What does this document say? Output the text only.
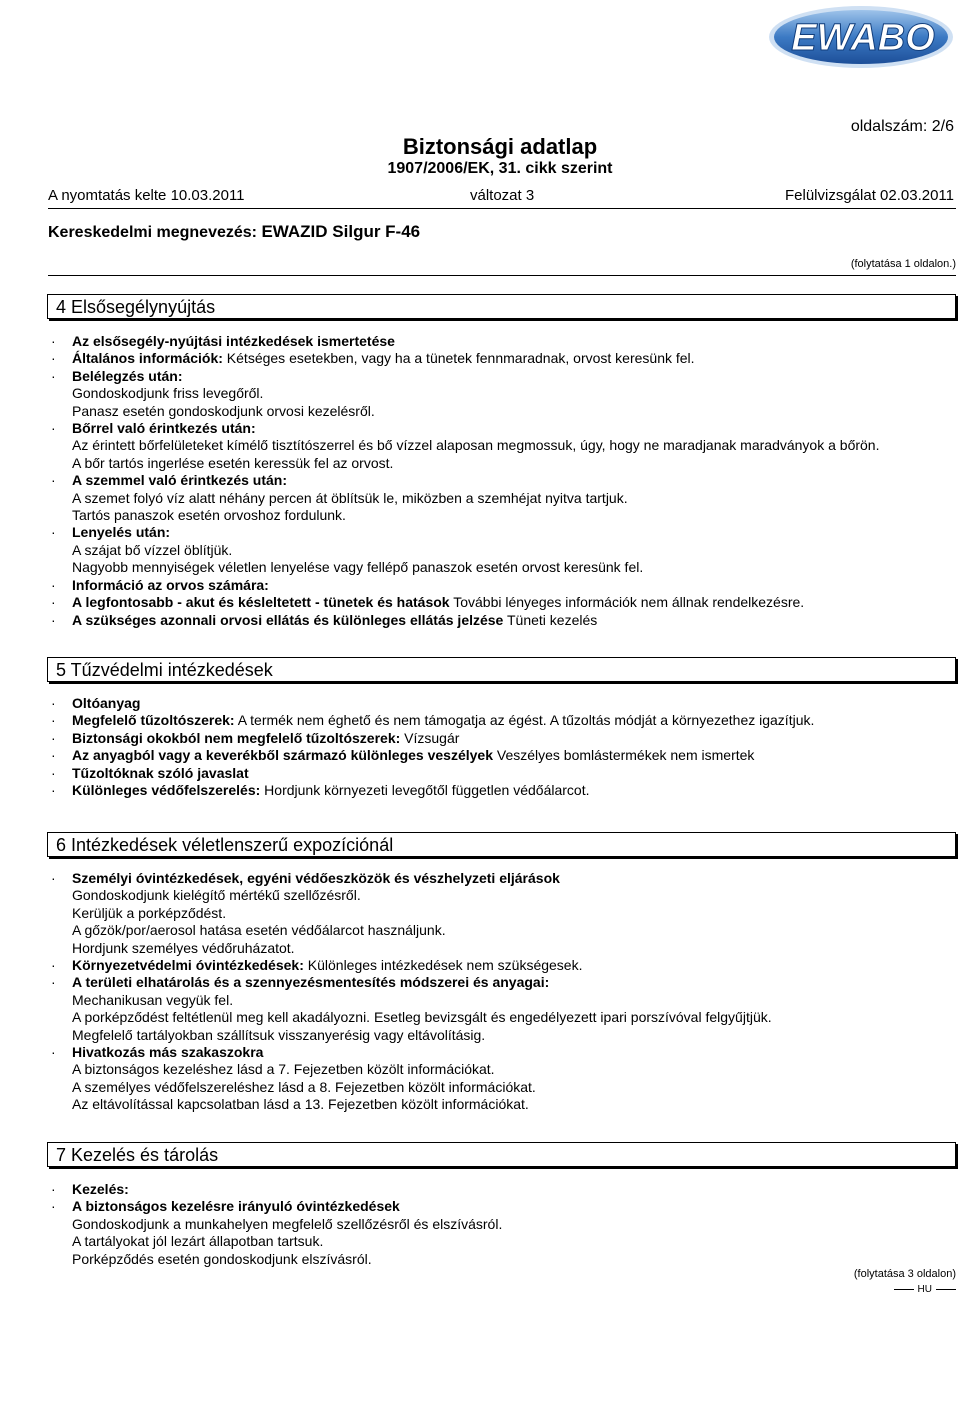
EWABO
oldalszám: 2/6
Biztonsági adatlap
1907/2006/EK, 31. cikk szerint
A nyomtatás kelte 10.03.2011	változat 3	Felülvizsgálat 02.03.2011
Kereskedelmi megnevezés: EWAZID Silgur F-46
(folytatása 1 oldalon.)
4 Elsősegélynyújtás
· Az elsősegély-nyújtási intézkedések ismertetése
· Általános információk: Kétséges esetekben, vagy ha a tünetek fennmaradnak, orvost keresünk fel.
· Belélegzés után:
Gondoskodjunk friss levegőről.
Panasz esetén gondoskodjunk orvosi kezelésről.
· Bőrrel való érintkezés után:
Az érintett bőrfelületeket kímélő tisztítószerrel és bő vízzel alaposan megmossuk, úgy, hogy ne maradjanak maradványok a bőrön.
A bőr tartós ingerlése esetén keressük fel az orvost.
· A szemmel való érintkezés után:
A szemet folyó víz alatt néhány percen át öblítsük le, miközben a szemhéjat nyitva tartjuk.
Tartós panaszok esetén orvoshoz fordulunk.
· Lenyelés után:
A szájat bő vízzel öblítjük.
Nagyobb mennyiségek véletlen lenyelése vagy fellépő panaszok esetén orvost keresünk fel.
· Információ az orvos számára:
· A legfontosabb - akut és késleltetett - tünetek és hatások További lényeges információk nem állnak rendelkezésre.
· A szükséges azonnali orvosi ellátás és különleges ellátás jelzése Tüneti kezelés
5 Tűzvédelmi intézkedések
· Oltóanyag
· Megfelelő tűzoltószerek: A termék nem éghető és nem támogatja az égést. A tűzoltás módját a környezethez igazítjuk.
· Biztonsági okokból nem megfelelő tűzoltószerek: Vízsugár
· Az anyagból vagy a keverékből származó különleges veszélyek Veszélyes bomlástermékek nem ismertek
· Tűzoltóknak szóló javaslat
· Különleges védőfelszerelés: Hordjunk környezeti levegőtől független védőálarcot.
6 Intézkedések véletlenszerű expozíciónál
· Személyi óvintézkedések, egyéni védőeszközök és vészhelyzeti eljárások
Gondoskodjunk kielégítő mértékű szellőzésről.
Kerüljük a porképződést.
A gőzök/por/aerosol hatása esetén védőálarcot használjunk.
Hordjunk személyes védőruházatot.
· Környezetvédelmi óvintézkedések: Különleges intézkedések nem szükségesek.
· A területi elhatárolás és a szennyezésmentesítés módszerei és anyagai:
Mechanikusan vegyük fel.
A porképződést feltétlenül meg kell akadályozni. Esetleg bevizsgált és engedélyezett ipari porszívóval felgyűjtjük.
Megfelelő tartályokban szállítsuk visszanyerésig vagy eltávolításig.
· Hivatkozás más szakaszokra
A biztonságos kezeléshez lásd a 7. Fejezetben közölt információkat.
A személyes védőfelszereléshez lásd a 8. Fejezetben közölt információkat.
Az eltávolítással kapcsolatban lásd a 13. Fejezetben közölt információkat.
7 Kezelés és tárolás
· Kezelés:
· A biztonságos kezelésre irányuló óvintézkedések
Gondoskodjunk a munkahelyen megfelelő szellőzésről és elszívásról.
A tartályokat jól lezárt állapotban tartsuk.
Porképződés esetén gondoskodjunk elszívásról.
(folytatása 3 oldalon)
HU
